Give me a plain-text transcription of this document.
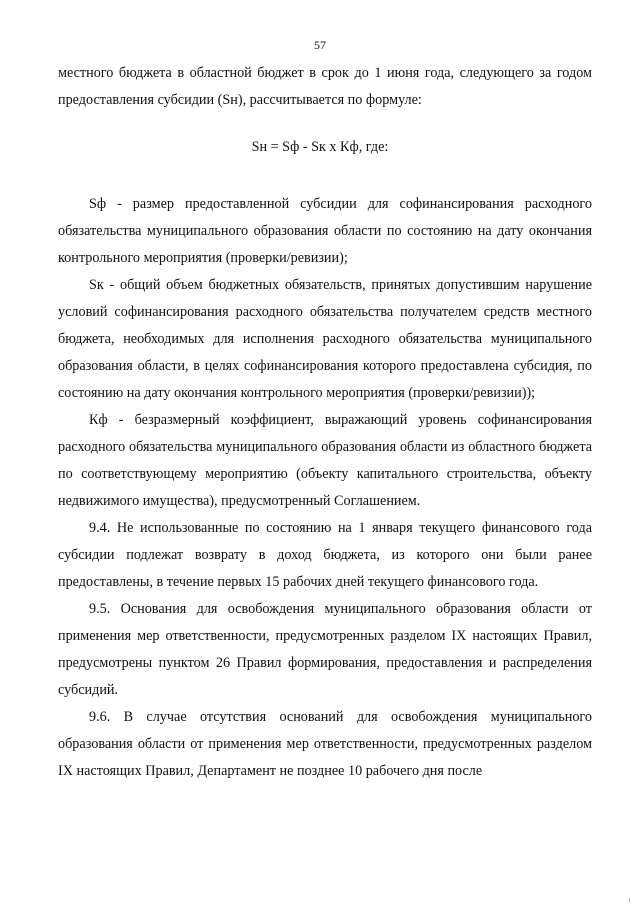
57

местного бюджета в областной бюджет в срок до 1 июня года, следующего за годом предоставления субсидии (Sн), рассчитывается по формуле:

Sн = Sф - Sк x Кф, где:

Sф - размер предоставленной субсидии для софинансирования расходного обязательства муниципального образования области по состоянию на дату окончания контрольного мероприятия (проверки/ревизии);

Sк - общий объем бюджетных обязательств, принятых допустившим нарушение условий софинансирования расходного обязательства получателем средств местного бюджета, необходимых для исполнения расходного обязательства муниципального образования области, в целях софинансирования которого предоставлена субсидия, по состоянию на дату окончания контрольного мероприятия (проверки/ревизии));

Кф - безразмерный коэффициент, выражающий уровень софинансирования расходного обязательства муниципального образования области из областного бюджета по соответствующему мероприятию (объекту капитального строительства, объекту недвижимого имущества), предусмотренный Соглашением.

9.4. Не использованные по состоянию на 1 января текущего финансового года субсидии подлежат возврату в доход бюджета, из которого они были ранее предоставлены, в течение первых 15 рабочих дней текущего финансового года.

9.5. Основания для освобождения муниципального образования области от применения мер ответственности, предусмотренных разделом IX настоящих Правил, предусмотрены пунктом 26 Правил формирования, предоставления и распределения субсидий.

9.6. В случае отсутствия оснований для освобождения муниципального образования области от применения мер ответственности, предусмотренных разделом IX настоящих Правил, Департамент не позднее 10 рабочего дня после
